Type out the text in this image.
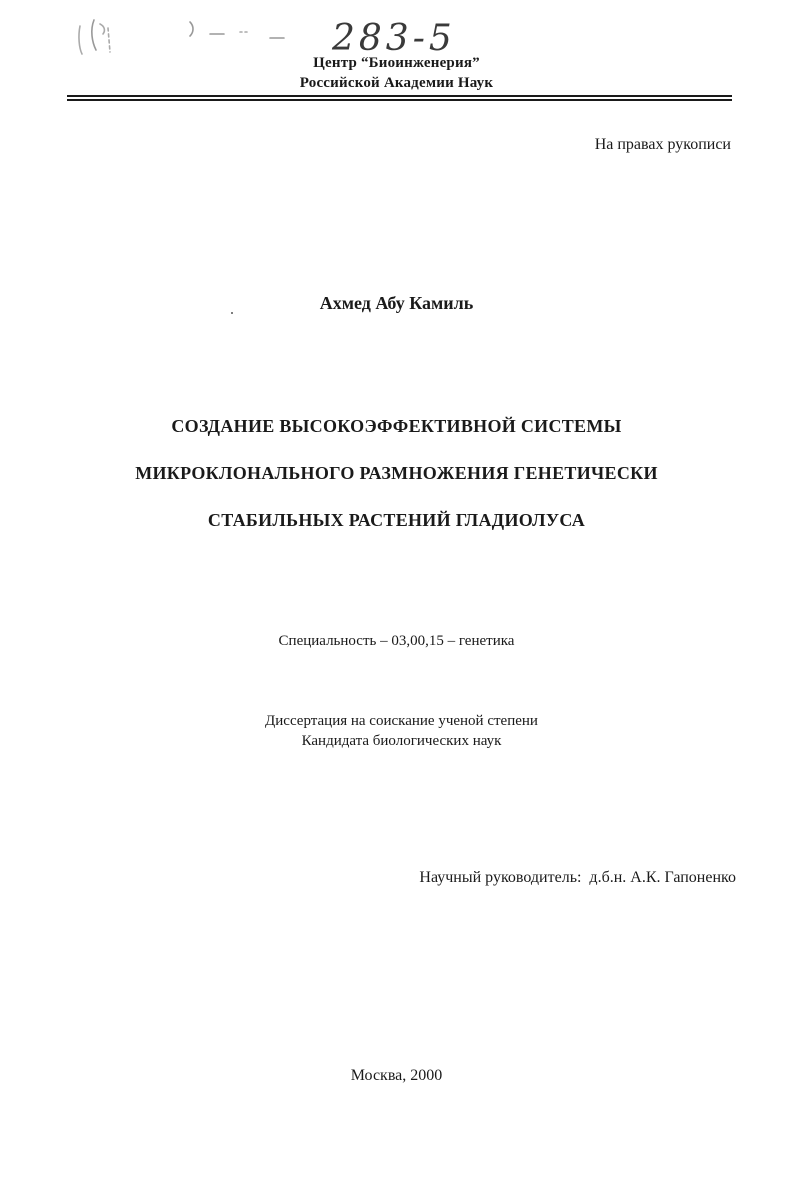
283-5
Центр “Биоинженерия”
Российской Академии Наук
На правах рукописи
Ахмед Абу Камиль
СОЗДАНИЕ ВЫСОКОЭФФЕКТИВНОЙ СИСТЕМЫ
МИКРОКЛОНАЛЬНОГО РАЗМНОЖЕНИЯ ГЕНЕТИЧЕСКИ
СТАБИЛЬНЫХ РАСТЕНИЙ ГЛАДИОЛУСА
Специальность – 03,00,15 – генетика
Диссертация на соискание ученой степени
Кандидата биологических наук
Научный руководитель:  д.б.н. А.К. Гапоненко
Москва, 2000
